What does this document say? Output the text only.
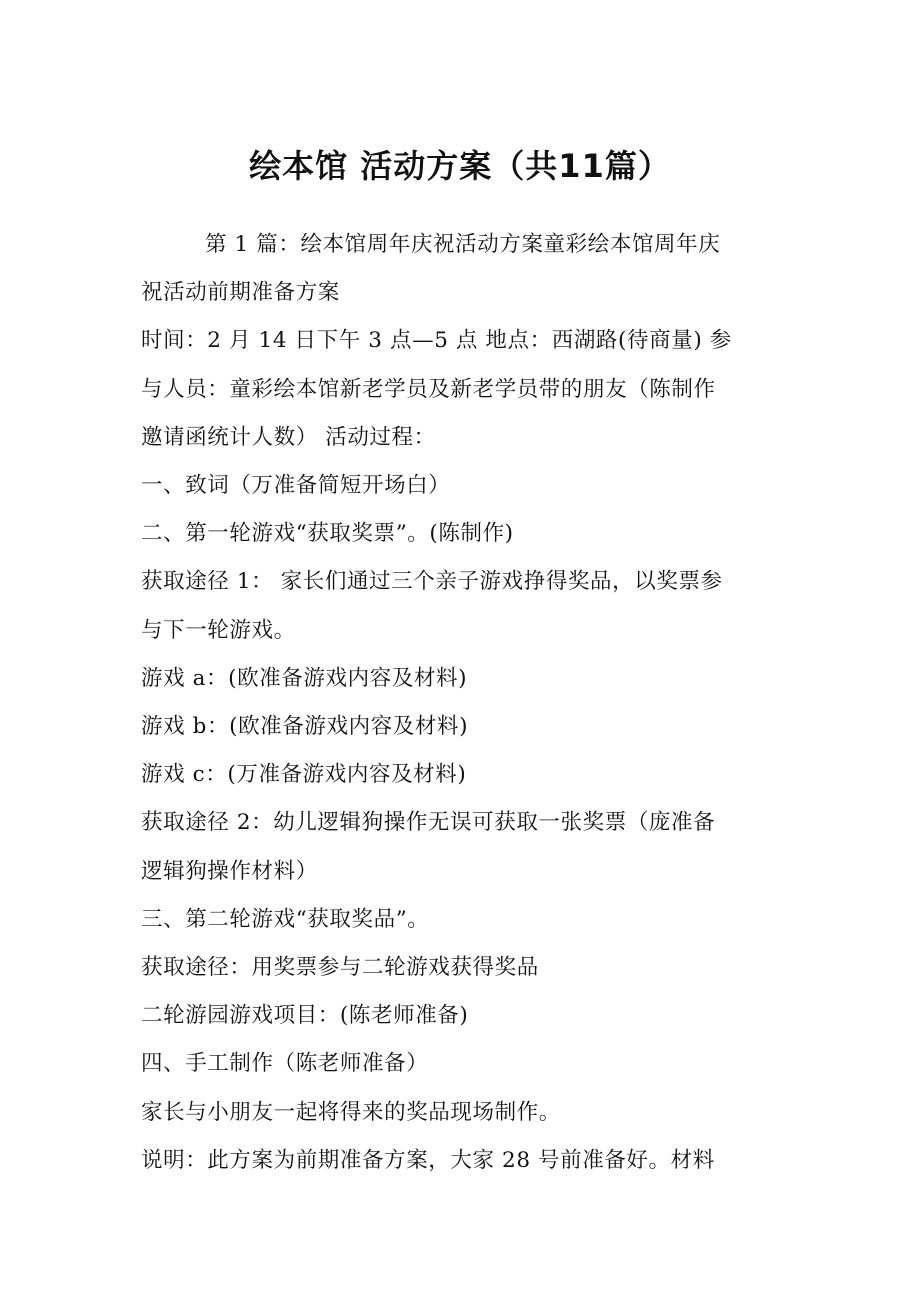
绘本馆 活动方案（共11篇）

第 1 篇：绘本馆周年庆祝活动方案童彩绘本馆周年庆

祝活动前期准备方案

时间：2 月 14 日下午 3 点—5 点 地点：西湖路(待商量) 参

与人员：童彩绘本馆新老学员及新老学员带的朋友（陈制作

邀请函统计人数） 活动过程：

一、致词（万准备简短开场白）

二、第一轮游戏“获取奖票”。(陈制作)

获取途径 1： 家长们通过三个亲子游戏挣得奖品，以奖票参

与下一轮游戏。

游戏 a：(欧准备游戏内容及材料)

游戏 b：(欧准备游戏内容及材料)

游戏 c：(万准备游戏内容及材料)

获取途径 2：幼儿逻辑狗操作无误可获取一张奖票（庞准备

逻辑狗操作材料）

三、第二轮游戏“获取奖品”。

获取途径：用奖票参与二轮游戏获得奖品

二轮游园游戏项目：(陈老师准备)

四、手工制作（陈老师准备）

家长与小朋友一起将得来的奖品现场制作。

说明：此方案为前期准备方案，大家 28 号前准备好。材料
